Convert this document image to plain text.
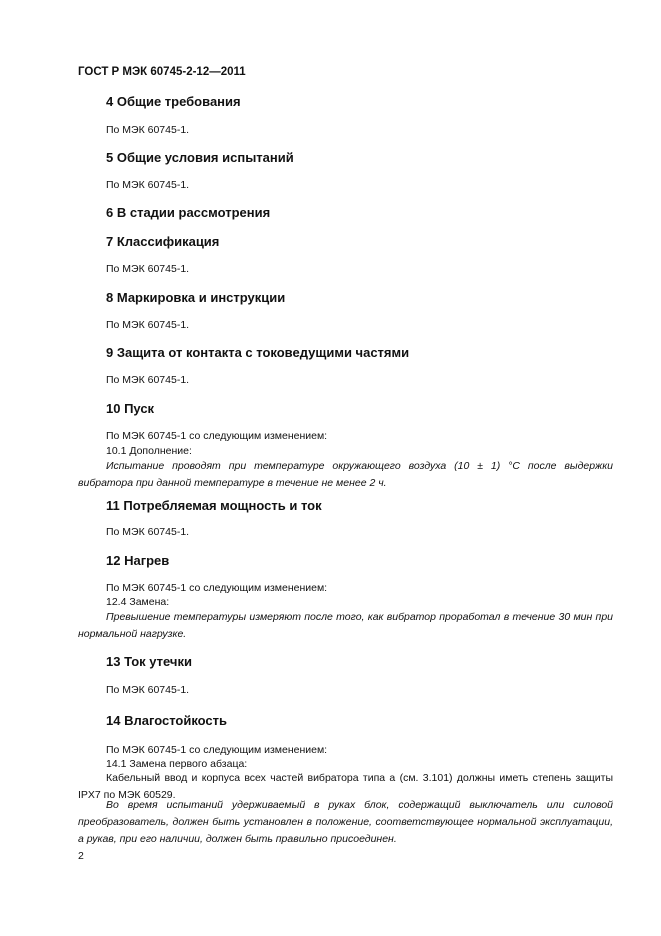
ГОСТ Р МЭК 60745-2-12—2011
4 Общие требования
По МЭК 60745-1.
5 Общие условия испытаний
По МЭК 60745-1.
6 В стадии рассмотрения
7 Классификация
По МЭК 60745-1.
8 Маркировка и инструкции
По МЭК 60745-1.
9 Защита от контакта с токоведущими частями
По МЭК 60745-1.
10 Пуск
По МЭК 60745-1 со следующим изменением:
10.1 Дополнение:
Испытание проводят при температуре окружающего воздуха (10 ± 1) °С после выдержки вибратора при данной температуре в течение не менее 2 ч.
11 Потребляемая мощность и ток
По МЭК 60745-1.
12 Нагрев
По МЭК 60745-1 со следующим изменением:
12.4 Замена:
Превышение температуры измеряют после того, как вибратор проработал в течение 30 мин при нормальной нагрузке.
13 Ток утечки
По МЭК 60745-1.
14 Влагостойкость
По МЭК 60745-1 со следующим изменением:
14.1 Замена первого абзаца:
Кабельный ввод и корпуса всех частей вибратора типа а (см. 3.101) должны иметь степень защиты IPX7 по МЭК 60529.
Во время испытаний удерживаемый в руках блок, содержащий выключатель или силовой преобразователь, должен быть установлен в положение, соответствующее нормальной эксплуатации, а рукав, при его наличии, должен быть правильно присоединен.
2
